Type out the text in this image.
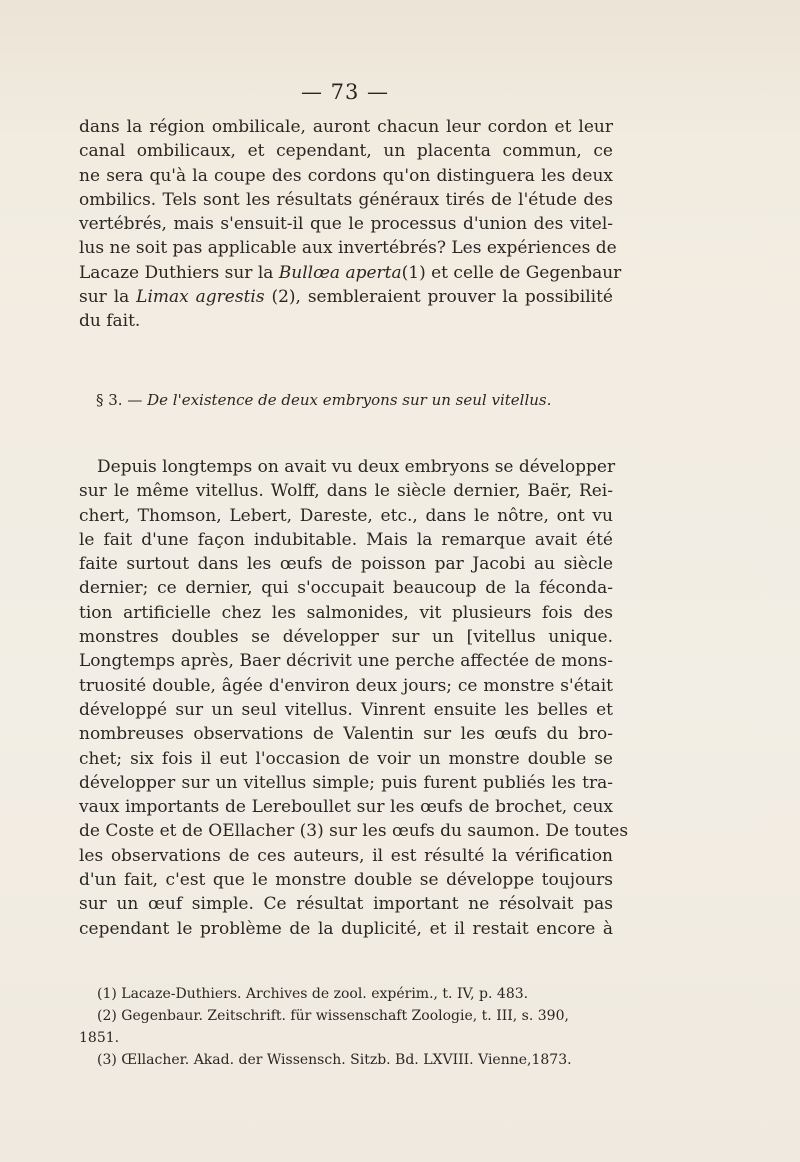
— 73 —

dans la région ombilicale, auront chacun leur cordon et leur
canal ombilicaux, et cependant, un placenta commun, ce
ne sera qu'à la coupe des cordons qu'on distinguera les deux
ombilics. Tels sont les résultats généraux tirés de l'étude des
vertébrés, mais s'ensuit-il que le processus d'union des vitel-
lus ne soit pas applicable aux invertébrés? Les expériences de
Lacaze Duthiers sur la Bullœa aperta(1) et celle de Gegenbaur
sur la Limax agrestis (2), sembleraient prouver la possibilité
du fait.

§ 3. — De l'existence de deux embryons sur un seul vitellus.

Depuis longtemps on avait vu deux embryons se développer
sur le même vitellus. Wolff, dans le siècle dernier, Baër, Rei-
chert, Thomson, Lebert, Dareste, etc., dans le nôtre, ont vu
le fait d'une façon indubitable. Mais la remarque avait été
faite surtout dans les œufs de poisson par Jacobi au siècle
dernier; ce dernier, qui s'occupait beaucoup de la féconda-
tion artificielle chez les salmonides, vit plusieurs fois des
monstres doubles se développer sur un [vitellus unique.
Longtemps après, Baer décrivit une perche affectée de mons-
truosité double, âgée d'environ deux jours; ce monstre s'était
développé sur un seul vitellus. Vinrent ensuite les belles et
nombreuses observations de Valentin sur les œufs du bro-
chet; six fois il eut l'occasion de voir un monstre double se
développer sur un vitellus simple; puis furent publiés les tra-
vaux importants de Lereboullet sur les œufs de brochet, ceux
de Coste et de OEllacher (3) sur les œufs du saumon. De toutes
les observations de ces auteurs, il est résulté la vérification
d'un fait, c'est que le monstre double se développe toujours
sur un œuf simple. Ce résultat important ne résolvait pas
cependant le problème de la duplicité, et il restait encore à

(1) Lacaze-Duthiers. Archives de zool. expérim., t. IV, p. 483.
(2) Gegenbaur. Zeitschrift. für wissenschaft Zoologie, t. III, s. 390,
1851.
(3) Œllacher. Akad. der Wissensch. Sitzb. Bd. LXVIII. Vienne,1873.
